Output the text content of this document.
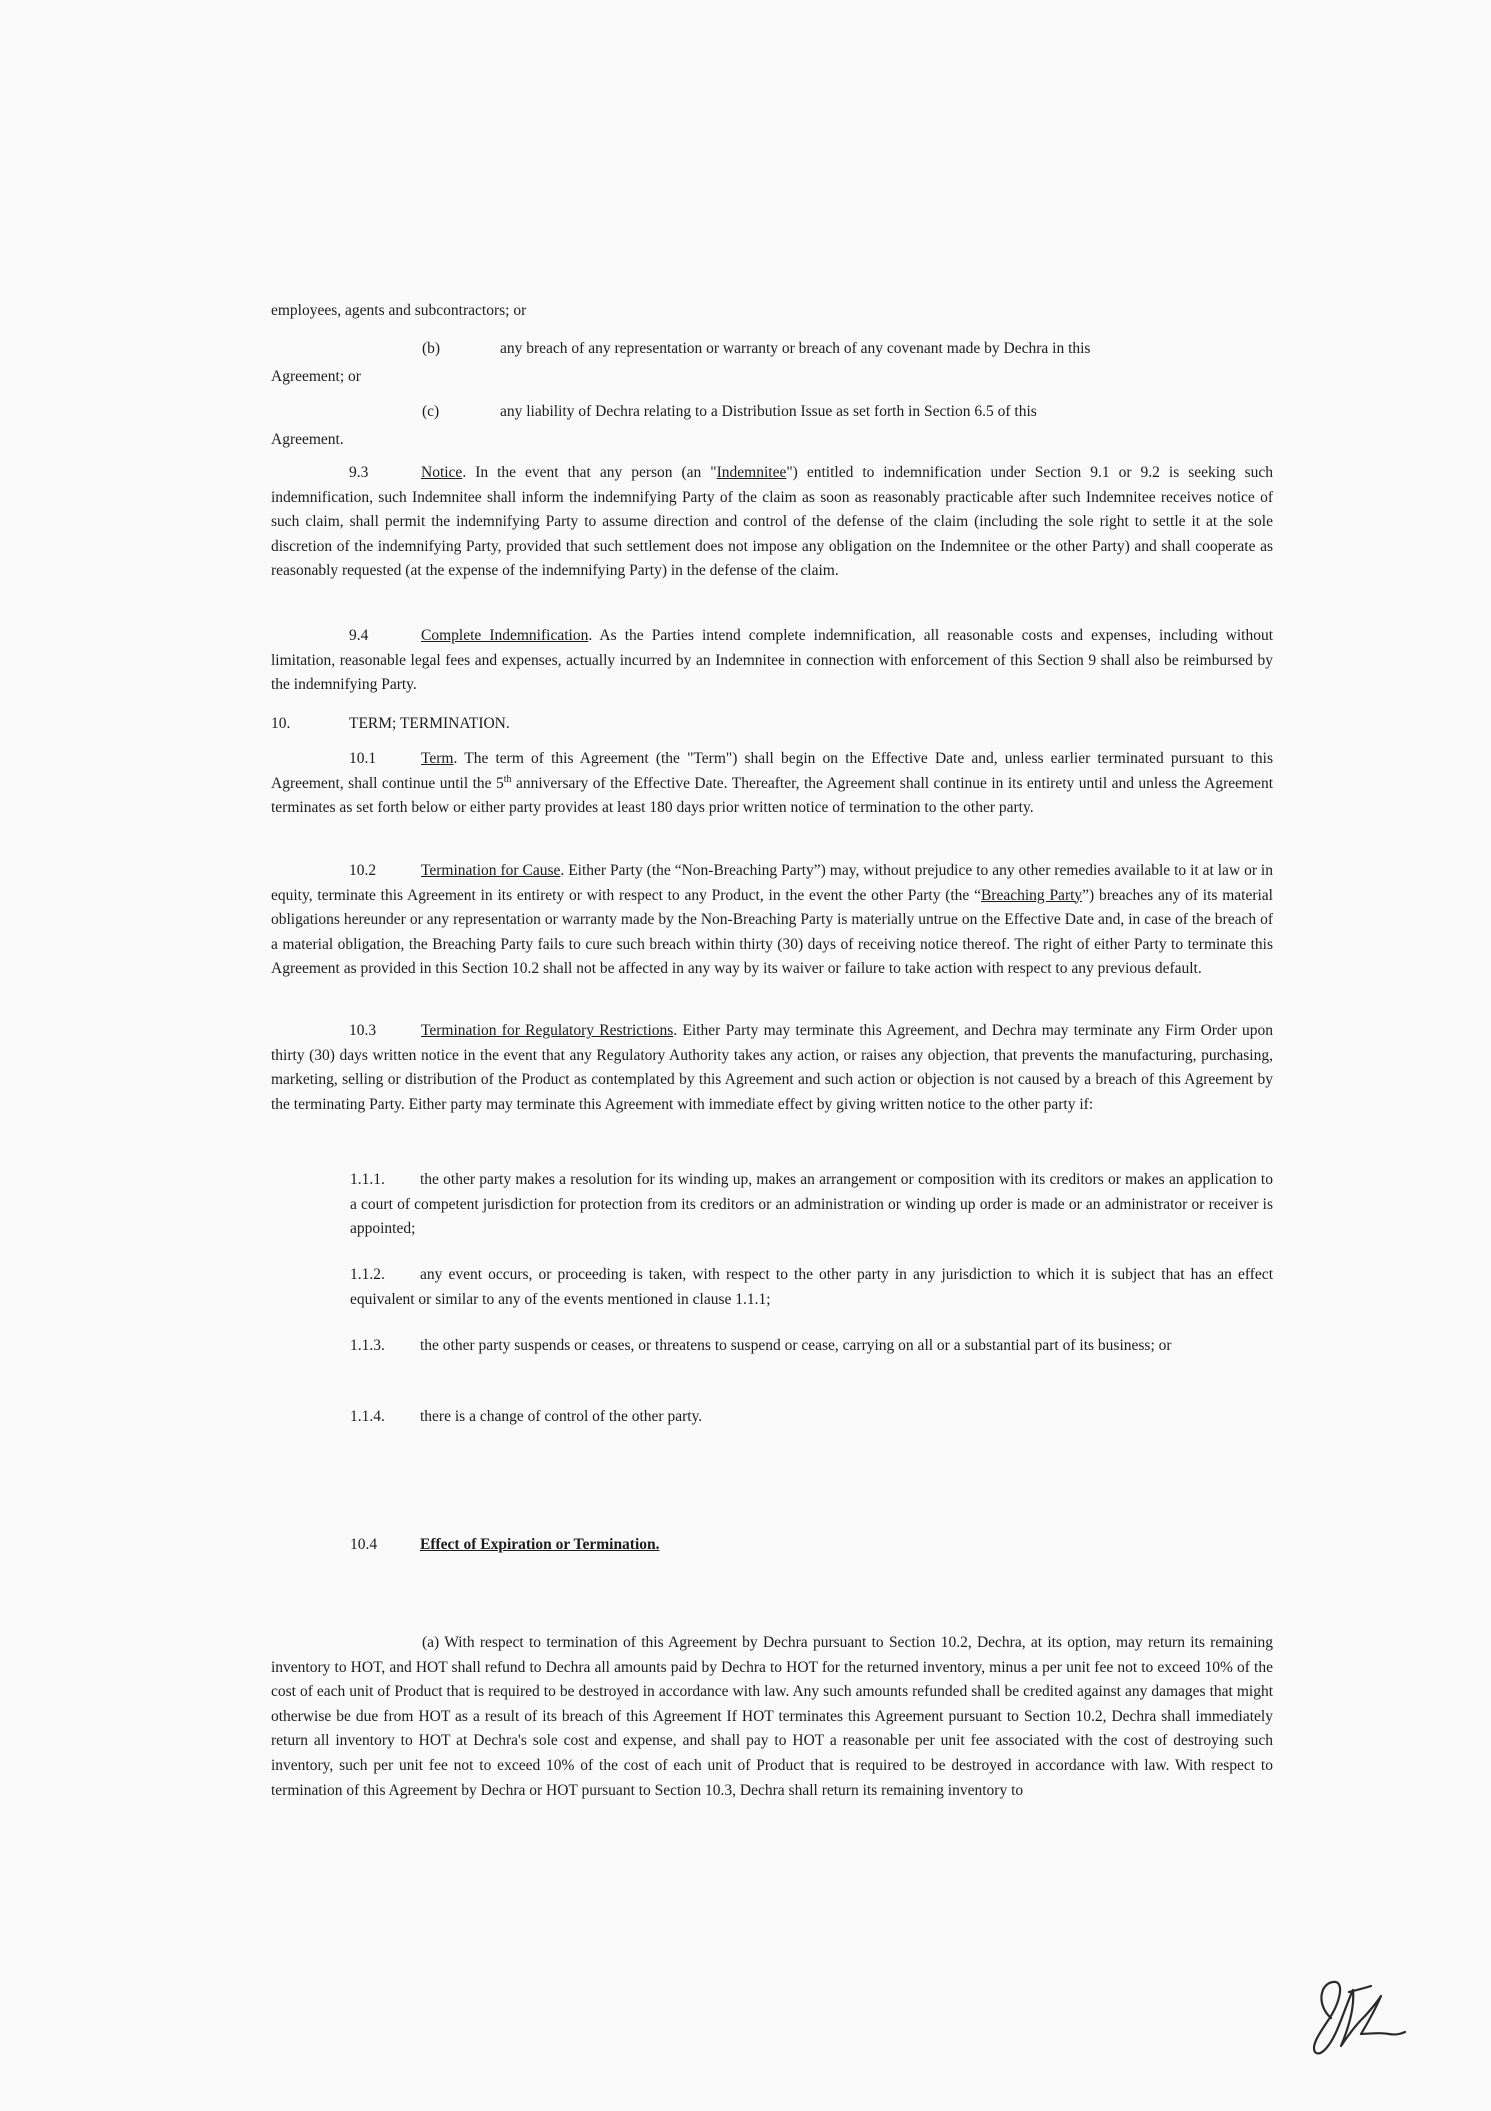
employees, agents and subcontractors; or

(b)	any breach of any representation or warranty or breach of any covenant made by Dechra in this

Agreement; or

(c)	any liability of Dechra relating to a Distribution Issue as set forth in Section 6.5 of this

Agreement.

9.3	Notice. In the event that any person (an "Indemnitee") entitled to indemnification under Section 9.1 or 9.2 is seeking such indemnification, such Indemnitee shall inform the indemnifying Party of the claim as soon as reasonably practicable after such Indemnitee receives notice of such claim, shall permit the indemnifying Party to assume direction and control of the defense of the claim (including the sole right to settle it at the sole discretion of the indemnifying Party, provided that such settlement does not impose any obligation on the Indemnitee or the other Party) and shall cooperate as reasonably requested (at the expense of the indemnifying Party) in the defense of the claim.

9.4	Complete Indemnification. As the Parties intend complete indemnification, all reasonable costs and expenses, including without limitation, reasonable legal fees and expenses, actually incurred by an Indemnitee in connection with enforcement of this Section 9 shall also be reimbursed by the indemnifying Party.

10.	TERM; TERMINATION.

10.1	Term. The term of this Agreement (the "Term") shall begin on the Effective Date and, unless earlier terminated pursuant to this Agreement, shall continue until the 5th anniversary of the Effective Date. Thereafter, the Agreement shall continue in its entirety until and unless the Agreement terminates as set forth below or either party provides at least 180 days prior written notice of termination to the other party.

10.2	Termination for Cause. Either Party (the “Non-Breaching Party”) may, without prejudice to any other remedies available to it at law or in equity, terminate this Agreement in its entirety or with respect to any Product, in the event the other Party (the “Breaching Party”) breaches any of its material obligations hereunder or any representation or warranty made by the Non-Breaching Party is materially untrue on the Effective Date and, in case of the breach of a material obligation, the Breaching Party fails to cure such breach within thirty (30) days of receiving notice thereof. The right of either Party to terminate this Agreement as provided in this Section 10.2 shall not be affected in any way by its waiver or failure to take action with respect to any previous default.

10.3	Termination for Regulatory Restrictions. Either Party may terminate this Agreement, and Dechra may terminate any Firm Order upon thirty (30) days written notice in the event that any Regulatory Authority takes any action, or raises any objection, that prevents the manufacturing, purchasing, marketing, selling or distribution of the Product as contemplated by this Agreement and such action or objection is not caused by a breach of this Agreement by the terminating Party. Either party may terminate this Agreement with immediate effect by giving written notice to the other party if:

1.1.1. the other party makes a resolution for its winding up, makes an arrangement or composition with its creditors or makes an application to a court of competent jurisdiction for protection from its creditors or an administration or winding up order is made or an administrator or receiver is appointed;

1.1.2. any event occurs, or proceeding is taken, with respect to the other party in any jurisdiction to which it is subject that has an effect equivalent or similar to any of the events mentioned in clause 1.1.1;

1.1.3. the other party suspends or ceases, or threatens to suspend or cease, carrying on all or a substantial part of its business; or

1.1.4. there is a change of control of the other party.

10.4	Effect of Expiration or Termination.

(a) With respect to termination of this Agreement by Dechra pursuant to Section 10.2, Dechra, at its option, may return its remaining inventory to HOT, and HOT shall refund to Dechra all amounts paid by Dechra to HOT for the returned inventory, minus a per unit fee not to exceed 10% of the cost of each unit of Product that is required to be destroyed in accordance with law. Any such amounts refunded shall be credited against any damages that might otherwise be due from HOT as a result of its breach of this Agreement If HOT terminates this Agreement pursuant to Section 10.2, Dechra shall immediately return all inventory to HOT at Dechra's sole cost and expense, and shall pay to HOT a reasonable per unit fee associated with the cost of destroying such inventory, such per unit fee not to exceed 10% of the cost of each unit of Product that is required to be destroyed in accordance with law. With respect to termination of this Agreement by Dechra or HOT pursuant to Section 10.3, Dechra shall return its remaining inventory to
